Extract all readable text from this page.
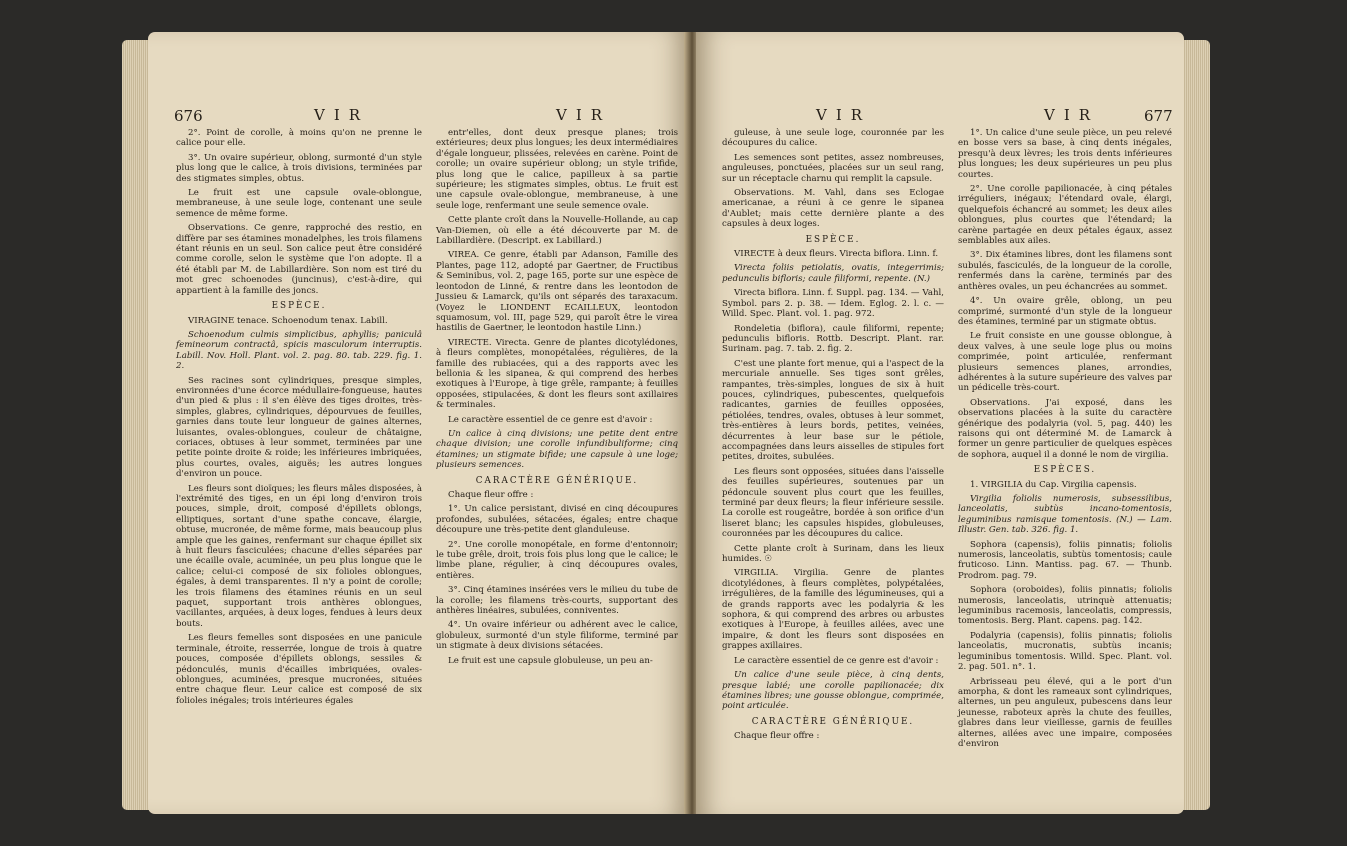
676	VIR	VIR

2°. Point de corolle, à moins qu'on ne prenne le calice pour elle.

3°. Un ovaire supérieur, oblong, surmonté d'un style plus long que le calice, à trois divisions, terminées par des stigmates simples, obtus.

Le fruit est une capsule ovale-oblongue, membraneuse, à une seule loge, contenant une seule semence de même forme.

Observations. Ce genre, rapproché des restio, en diffère par ses étamines monadelphes, les trois filamens étant réunis en un seul. Son calice peut être considéré comme corolle, selon le système que l'on adopte. Il a été établi par M. de Labillardière. Son nom est tiré du mot grec schoenodes (juncinus), c'est-à-dire, qui appartient à la famille des joncs.

ESPÈCE.

VIRAGINE tenace. Schoenodum tenax. Labill.

Schoenodum culmis simplicibus, aphyllis; paniculâ femineorum contractâ, spicis masculorum interruptis. Labill. Nov. Holl. Plant. vol. 2. pag. 80. tab. 229. fig. 1. 2.

Ses racines sont cylindriques, presque simples, environnées d'une écorce médullaire-fongueuse, hautes d'un pied & plus : il s'en élève des tiges droites, très-simples, glabres, cylindriques, dépourvues de feuilles, garnies dans toute leur longueur de gaines alternes, luisantes, ovales-oblongues, couleur de châtaigne, coriaces, obtuses à leur sommet, terminées par une petite pointe droite & roide; les inférieures imbriquées, plus courtes, ovales, aiguës; les autres longues d'environ un pouce.

Les fleurs sont dioïques; les fleurs mâles disposées, à l'extrémité des tiges, en un épi long d'environ trois pouces, simple, droit, composé d'épillets oblongs, elliptiques, sortant d'une spathe concave, élargie, obtuse, mucronée, de même forme, mais beaucoup plus ample que les gaines, renfermant sur chaque épillet six à huit fleurs fasciculées; chacune d'elles séparées par une écaille ovale, acuminée, un peu plus longue que le calice; celui-ci composé de six folioles oblongues, égales, à demi transparentes. Il n'y a point de corolle; les trois filamens des étamines réunis en un seul paquet, supportant trois anthères oblongues, vacillantes, arquées, à deux loges, fendues à leurs deux bouts.

Les fleurs femelles sont disposées en une panicule terminale, étroite, resserrée, longue de trois à quatre pouces, composée d'épillets oblongs, sessiles & pédonculés, munis d'écailles imbriquées, ovales-oblongues, acuminées, presque mucronées, situées entre chaque fleur. Leur calice est composé de six folioles inégales; trois intérieures égales

entr'elles, dont deux presque planes; trois extérieures; deux plus longues; les deux intermédiaires d'égale longueur, plissées, relevées en carène. Point de corolle; un ovaire supérieur oblong; un style trifide, plus long que le calice, papilleux à sa partie supérieure; les stigmates simples, obtus. Le fruit est une capsule ovale-oblongue, membraneuse, à une seule loge, renfermant une seule semence ovale.

Cette plante croît dans la Nouvelle-Hollande, au cap Van-Diemen, où elle a été découverte par M. de Labillardière. (Descript. ex Labillard.)

VIREA. Ce genre, établi par Adanson, Famille des Plantes, page 112, adopté par Gaertner, de Fructibus & Seminibus, vol. 2, page 165, porte sur une espèce de leontodon de Linné, & rentre dans les leontodon de Jussieu & Lamarck, qu'ils ont séparés des taraxacum. (Voyez le LIONDENT ECAILLEUX, leontodon squamosum, vol. III, page 529, qui paroît être le virea hastilis de Gaertner, le leontodon hastile Linn.)

VIRECTE. Virecta. Genre de plantes dicotylédones, à fleurs complètes, monopétalées, régulières, de la famille des rubiacées, qui a des rapports avec les bellonia & les sipanea, & qui comprend des herbes exotiques à l'Europe, à tige grêle, rampante; à feuilles opposées, stipulacées, & dont les fleurs sont axillaires & terminales.

Le caractère essentiel de ce genre est d'avoir :

Un calice à cinq divisions; une petite dent entre chaque division; une corolle infundibuliforme; cinq étamines; un stigmate bifide; une capsule à une loge; plusieurs semences.

CARACTÈRE GÉNÉRIQUE.

Chaque fleur offre :

1°. Un calice persistant, divisé en cinq découpures profondes, subulées, sétacées, égales; entre chaque découpure une très-petite dent glanduleuse.

2°. Une corolle monopétale, en forme d'entonnoir; le tube grêle, droit, trois fois plus long que le calice; le limbe plane, régulier, à cinq découpures ovales, entières.

3°. Cinq étamines insérées vers le milieu du tube de la corolle; les filamens très-courts, supportant des anthères linéaires, subulées, conniventes.

4°. Un ovaire inférieur ou adhérent avec le calice, globuleux, surmonté d'un style filiforme, terminé par un stigmate à deux divisions sétacées.

Le fruit est une capsule globuleuse, un peu an-

VIR	VIR	677

guleuse, à une seule loge, couronnée par les découpures du calice.

Les semences sont petites, assez nombreuses, anguleuses, ponctuées, placées sur un seul rang, sur un réceptacle charnu qui remplit la capsule.

Observations. M. Vahl, dans ses Eclogae americanae, a réuni à ce genre le sipanea d'Aublet; mais cette dernière plante a des capsules à deux loges.

ESPÈCE.

VIRECTE à deux fleurs. Virecta biflora. Linn. f.

Virecta foliis petiolatis, ovatis, integerrimis; pedunculis bifloris; caule filiformi, repente. (N.)

Virecta biflora. Linn. f. Suppl. pag. 134. — Vahl, Symbol. pars 2. p. 38. — Idem. Eglog. 2. l. c. — Willd. Spec. Plant. vol. 1. pag. 972.

Rondeletia (biflora), caule filiformi, repente; pedunculis bifloris. Rottb. Descript. Plant. rar. Surinam. pag. 7. tab. 2. fig. 2.

C'est une plante fort menue, qui a l'aspect de la mercuriale annuelle. Ses tiges sont grêles, rampantes, très-simples, longues de six à huit pouces, cylindriques, pubescentes, quelquefois radicantes, garnies de feuilles opposées, pétiolées, tendres, ovales, obtuses à leur sommet, très-entières à leurs bords, petites, veinées, décurrentes à leur base sur le pétiole, accompagnées dans leurs aisselles de stipules fort petites, droites, subulées.

Les fleurs sont opposées, situées dans l'aisselle des feuilles supérieures, soutenues par un pédoncule souvent plus court que les feuilles, terminé par deux fleurs; la fleur inférieure sessile. La corolle est rougeâtre, bordée à son orifice d'un liseret blanc; les capsules hispides, globuleuses, couronnées par les découpures du calice.

Cette plante croît à Surinam, dans les lieux humides. ☉

VIRGILIA. Virgilia. Genre de plantes dicotylédones, à fleurs complètes, polypétalées, irrégulières, de la famille des légumineuses, qui a de grands rapports avec les podalyria & les sophora, & qui comprend des arbres ou arbustes exotiques à l'Europe, à feuilles ailées, avec une impaire, & dont les fleurs sont disposées en grappes axillaires.

Le caractère essentiel de ce genre est d'avoir :

Un calice d'une seule pièce, à cinq dents, presque labié; une corolle papilionacée; dix étamines libres; une gousse oblongue, comprimée, point articulée.

CARACTÈRE GÉNÉRIQUE.

Chaque fleur offre :

1°. Un calice d'une seule pièce, un peu relevé en bosse vers sa base, à cinq dents inégales, presqu'à deux lèvres; les trois dents inférieures plus longues; les deux supérieures un peu plus courtes.

2°. Une corolle papilionacée, à cinq pétales irréguliers, inégaux; l'étendard ovale, élargi, quelquefois échancré au sommet; les deux ailes oblongues, plus courtes que l'étendard; la carène partagée en deux pétales égaux, assez semblables aux ailes.

3°. Dix étamines libres, dont les filamens sont subulés, fasciculés, de la longueur de la corolle, renfermés dans la carène, terminés par des anthères ovales, un peu échancrées au sommet.

4°. Un ovaire grêle, oblong, un peu comprimé, surmonté d'un style de la longueur des étamines, terminé par un stigmate obtus.

Le fruit consiste en une gousse oblongue, à deux valves, à une seule loge plus ou moins comprimée, point articulée, renfermant plusieurs semences planes, arrondies, adhérentes à la suture supérieure des valves par un pédicelle très-court.

Observations. J'ai exposé, dans les observations placées à la suite du caractère générique des podalyria (vol. 5, pag. 440) les raisons qui ont déterminé M. de Lamarck à former un genre particulier de quelques espèces de sophora, auquel il a donné le nom de virgilia.

ESPÈCES.

1. VIRGILIA du Cap. Virgilia capensis.

Virgilia foliolis numerosis, subsessilibus, lanceolatis, subtùs incano-tomentosis, leguminibus ramisque tomentosis. (N.) — Lam. Illustr. Gen. tab. 326. fig. 1.

Sophora (capensis), foliis pinnatis; foliolis numerosis, lanceolatis, subtùs tomentosis; caule fruticoso. Linn. Mantiss. pag. 67. — Thunb. Prodrom. pag. 79.

Sophora (oroboides), foliis pinnatis; foliolis numerosis, lanceolatis, utrinquè attenuatis; leguminibus racemosis, lanceolatis, compressis, tomentosis. Berg. Plant. capens. pag. 142.

Podalyria (capensis), foliis pinnatis; foliolis lanceolatis, mucronatis, subtùs incanis; leguminibus tomentosis. Willd. Spec. Plant. vol. 2. pag. 501. n°. 1.

Arbrisseau peu élevé, qui a le port d'un amorpha, & dont les rameaux sont cylindriques, alternes, un peu anguleux, pubescens dans leur jeunesse, raboteux après la chute des feuilles, glabres dans leur vieillesse, garnis de feuilles alternes, ailées avec une impaire, composées d'environ
